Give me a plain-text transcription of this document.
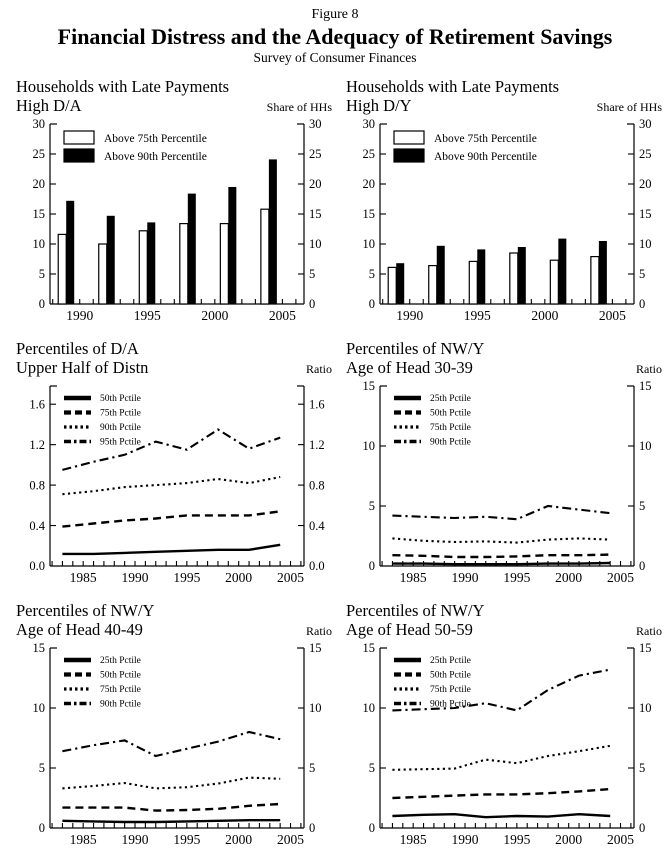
Figure 8
Financial Distress and the Adequacy of Retirement Savings
Survey of Consumer Finances
Households with Late Payments
High D/A	Share of HHs
0	0
5	5
10	10
15	15
20	20
25	25
30	30
1990	1995	2000	2005
Above 75th Percentile
Above 90th Percentile
Households with Late Payments
High D/Y	Share of HHs
0	0
5	5
10	10
15	15
20	20
25	25
30	30
1990	1995	2000	2005
Above 75th Percentile
Above 90th Percentile
Percentiles of D/A
Upper Half of Distn	Ratio
0.0	0.0
0.4	0.4
0.8	0.8
1.2	1.2
1.6	1.6
1985 1990 1995 2000 2005
50th Pctile
75th Pctile
90th Pctile
95th Pctile
Percentiles of NW/Y
Age of Head 30-39	Ratio
0	0
5	5
10	10
15	15
1985 1990 1995 2000 2005
25th Pctile
50th Pctile
75th Pctile
90th Pctile
Percentiles of NW/Y
Age of Head 40-49	Ratio
0	0
5	5
10	10
15	15
1985 1990 1995 2000 2005
25th Pctile
50th Pctile
75th Pctile
90th Pctile
Percentiles of NW/Y
Age of Head 50-59	Ratio
0	0
5	5
10	10
15	15
1985 1990 1995 2000 2005
25th Pctile
50th Pctile
75th Pctile
90th Pctile
